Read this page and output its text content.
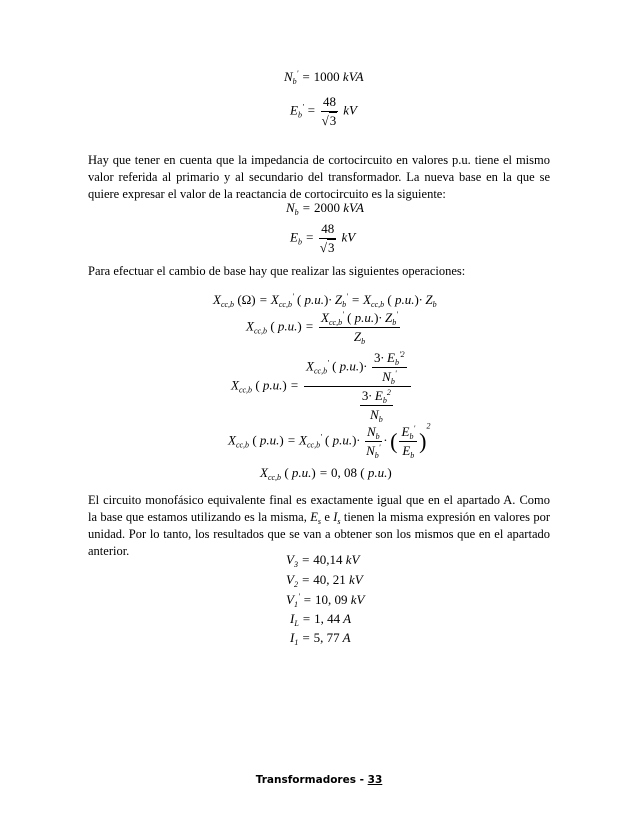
$N_b' = 1000$ kVA
$E_b' = \frac{48}{√3}$ kV

Hay que tener en cuenta que la impedancia de cortocircuito en valores p.u. tiene el mismo valor referida al primario y al secundario del transformador. La nueva base en la que se quiere expresar el valor de la reactancia de cortocircuito es la siguiente:

$N_b = 2000$ kVA
$E_b = \frac{48}{√3}$ kV

Para efectuar el cambio de base hay que realizar las siguientes operaciones:

$X_{cc,b}$ $(\Omega) = X_{cc,b}'$ ( $p.u.)\cdot Z_b' = X_{cc,b}$ ( $p.u.)\cdot Z_b$
$X_{cc,b}$ ( $p.u.) = \frac{X_{cc,b}' ( p.u.)\cdot Z_b'}{Z_b}$
$X_{cc,b}$ ( $p.u.) = \frac{X_{cc,b}' ( p.u.)\cdot \frac{3\cdot E_b^{'2}}{N_b'}}{\frac{3\cdot E_b^2}{N_b}}$
$X_{cc,b}$ ( $p.u.) = X_{cc,b}'$ ( $p.u.)\cdot \frac{N_b}{N_b'}$ · ( $\frac{E_b'}{E_b} )^2$
$X_{cc,b}$ ( p.u.) = 0, 08 ( p.u.)

El circuito monofásico equivalente final es exactamente igual que en el apartado A. Como la base que estamos utilizando es la misma, $E_s$ e $I_s$ tienen la misma expresión en valores por unidad. Por lo tanto, los resultados que se van a obtener son los mismos que en el apartado anterior.

$V_3 = 40,14$ kV
$V_2 = 40$, 21 kV
$V_1' = 10$, 09 kV
$I_L = 1$, 44 A
$I_1 = 5$, 77 A
Transformadores - 33
